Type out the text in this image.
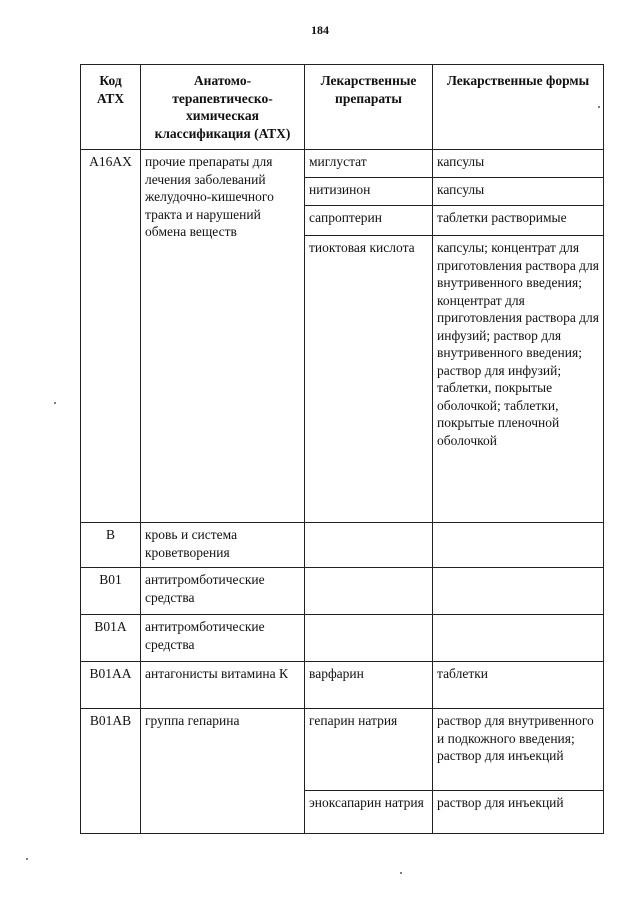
184
Код АТХ	Анатомо-терапевтическо-химическая классификация (АТХ)	Лекарственные препараты	Лекарственные формы

A16AX	прочие препараты для лечения заболеваний желудочно-кишечного тракта и нарушений обмена веществ	миглустат	капсулы

		нитизинон	капсулы

		сапроптерин	таблетки растворимые

		тиоктовая кислота	капсулы; концентрат для приготовления раствора для внутривенного введения; концентрат для приготовления раствора для инфузий; раствор для внутривенного введения; раствор для инфузий; таблетки, покрытые оболочкой; таблетки, покрытые пленочной оболочкой

B	кровь и система кроветворения		

B01	антитромботические средства		

B01A	антитромботические средства		

B01AA	антагонисты витамина К	варфарин	таблетки

B01AB	группа гепарина	гепарин натрия	раствор для внутривенного и подкожного введения; раствор для инъекций

		эноксапарин натрия	раствор для инъекций
